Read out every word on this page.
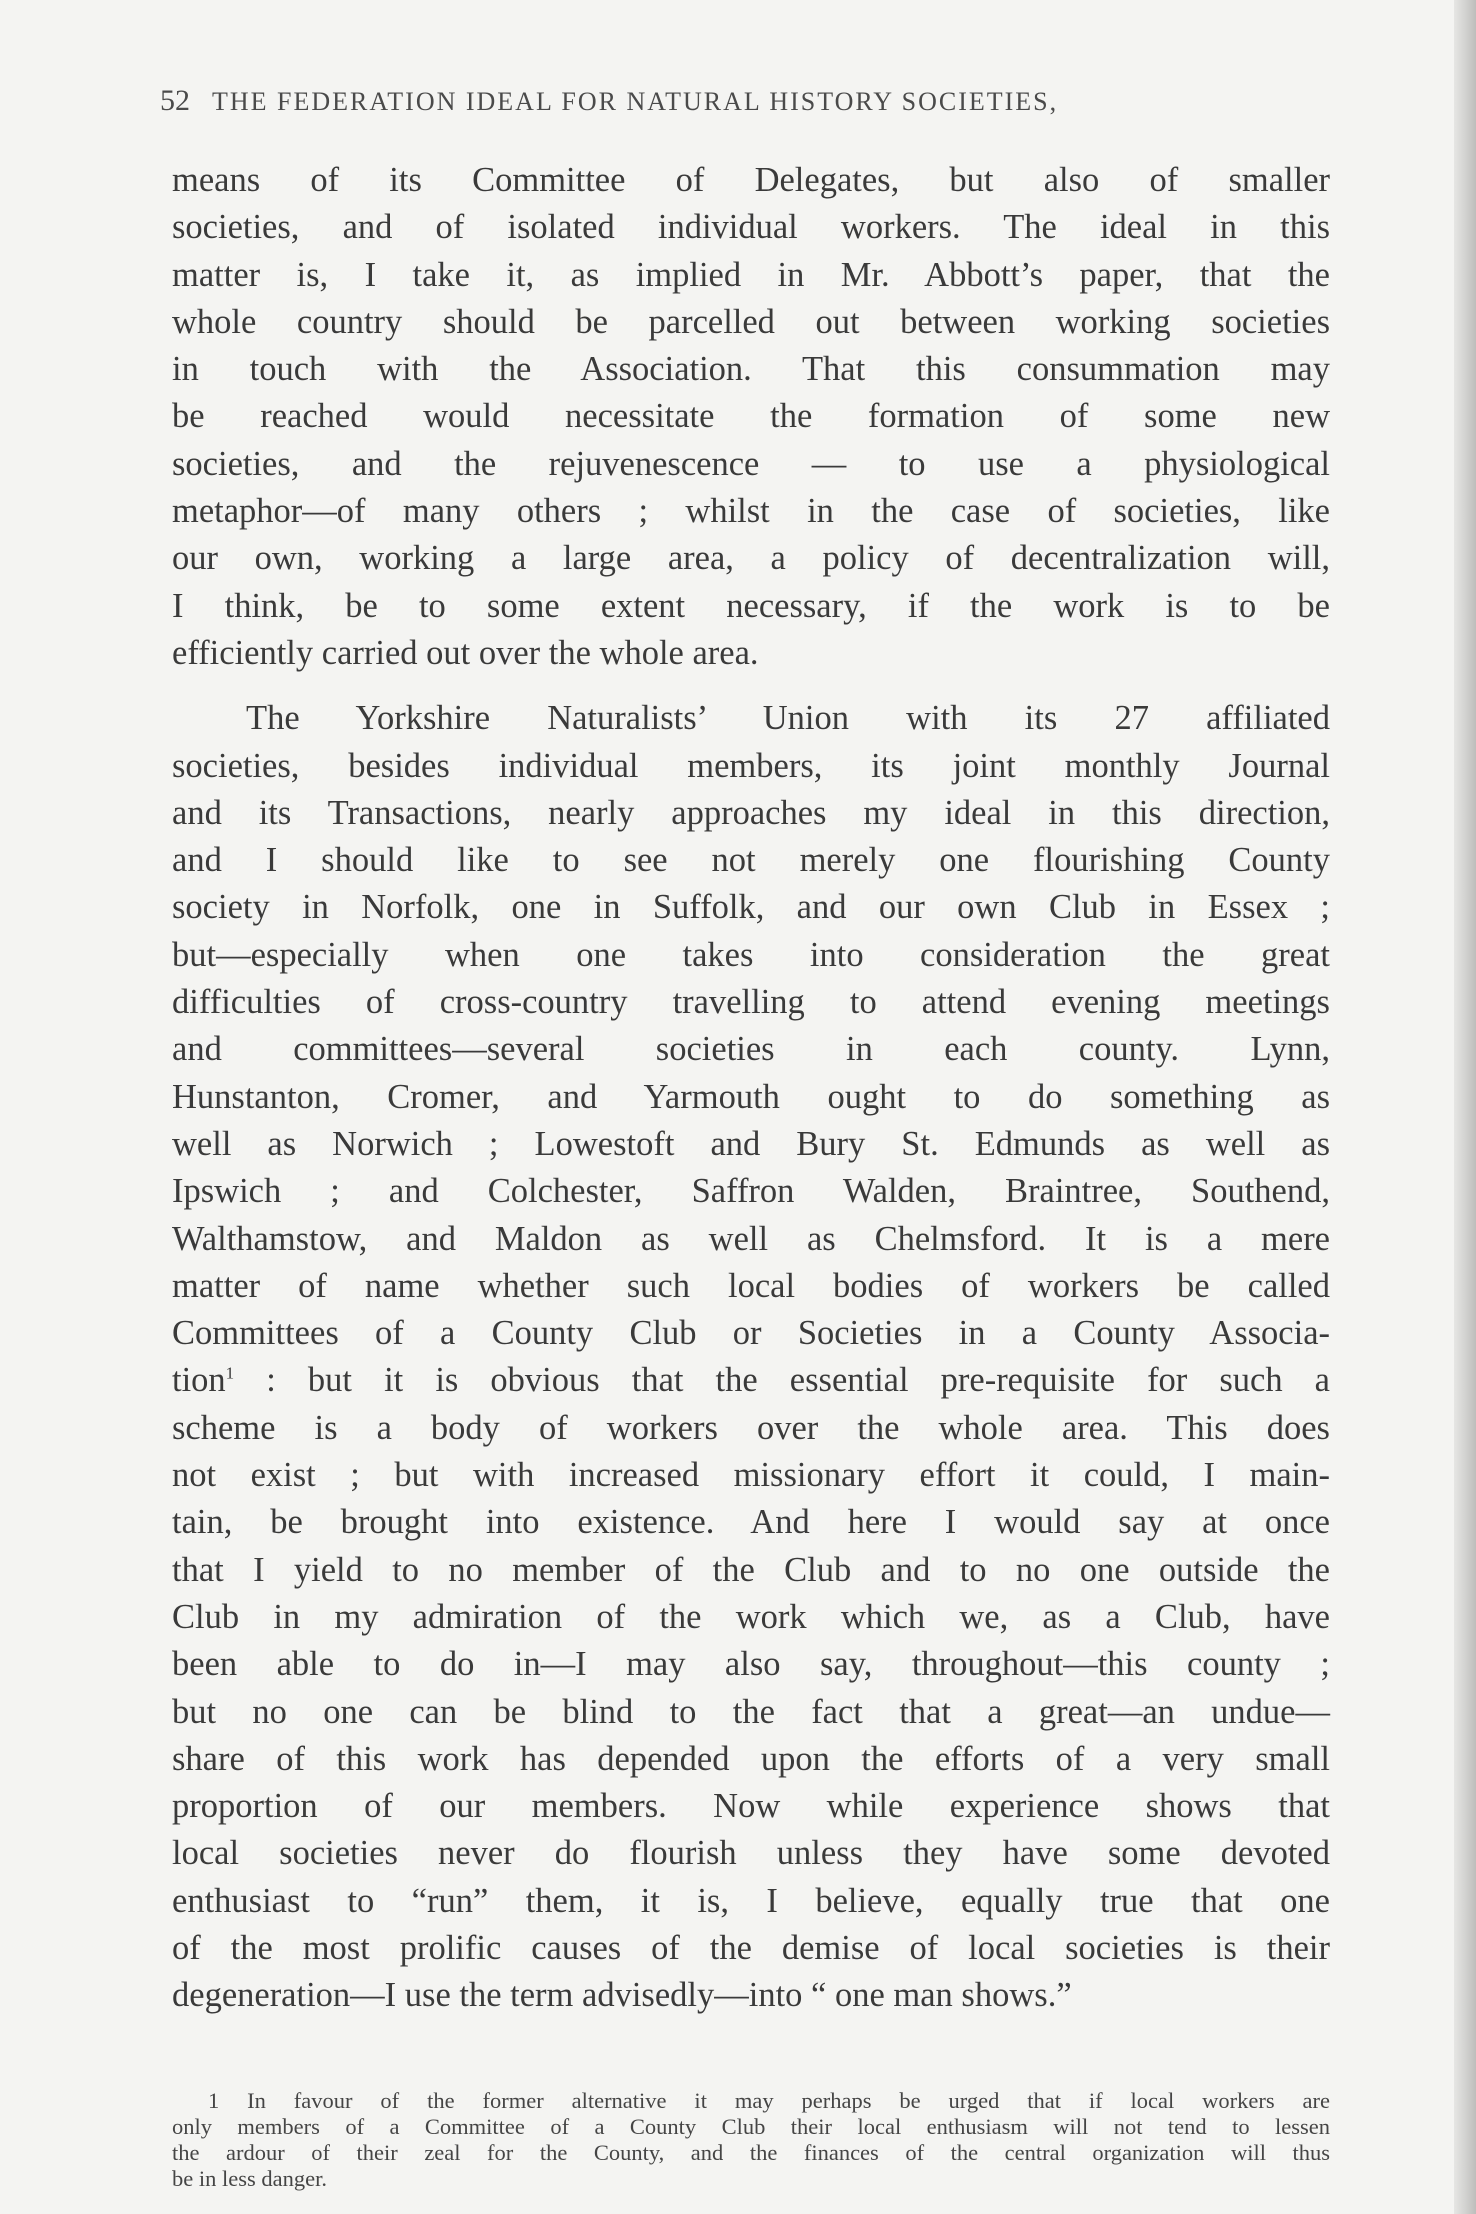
52 THE FEDERATION IDEAL FOR NATURAL HISTORY SOCIETIES,
means of its Committee of Delegates, but also of smaller
societies, and of isolated individual workers. The ideal in this
matter is, I take it, as implied in Mr. Abbott’s paper, that the
whole country should be parcelled out between working societies
in touch with the Association. That this consummation may
be reached would necessitate the formation of some new
societies, and the rejuvenescence — to use a physiological
metaphor—of many others ; whilst in the case of societies, like
our own, working a large area, a policy of decentralization will,
I think, be to some extent necessary, if the work is to be
efficiently carried out over the whole area.
The Yorkshire Naturalists’ Union with its 27 affiliated
societies, besides individual members, its joint monthly Journal
and its Transactions, nearly approaches my ideal in this direction,
and I should like to see not merely one flourishing County
society in Norfolk, one in Suffolk, and our own Club in Essex ;
but—especially when one takes into consideration the great
difficulties of cross-country travelling to attend evening meetings
and committees—several societies in each county. Lynn,
Hunstanton, Cromer, and Yarmouth ought to do something as
well as Norwich ; Lowestoft and Bury St. Edmunds as well as
Ipswich ; and Colchester, Saffron Walden, Braintree, Southend,
Walthamstow, and Maldon as well as Chelmsford. It is a mere
matter of name whether such local bodies of workers be called
Committees of a County Club or Societies in a County Associa-
tion$^1$ : but it is obvious that the essential pre-requisite for such a
scheme is a body of workers over the whole area. This does
not exist ; but with increased missionary effort it could, I main-
tain, be brought into existence. And here I would say at once
that I yield to no member of the Club and to no one outside the
Club in my admiration of the work which we, as a Club, have
been able to do in—I may also say, throughout—this county ;
but no one can be blind to the fact that a great—an undue—
share of this work has depended upon the efforts of a very small
proportion of our members. Now while experience shows that
local societies never do flourish unless they have some devoted
enthusiast to “run” them, it is, I believe, equally true that one
of the most prolific causes of the demise of local societies is their
degeneration—I use the term advisedly—into “ one man shows.”
1 In favour of the former alternative it may perhaps be urged that if local workers are
only members of a Committee of a County Club their local enthusiasm will not tend to lessen
the ardour of their zeal for the County, and the finances of the central organization will thus
be in less danger.
